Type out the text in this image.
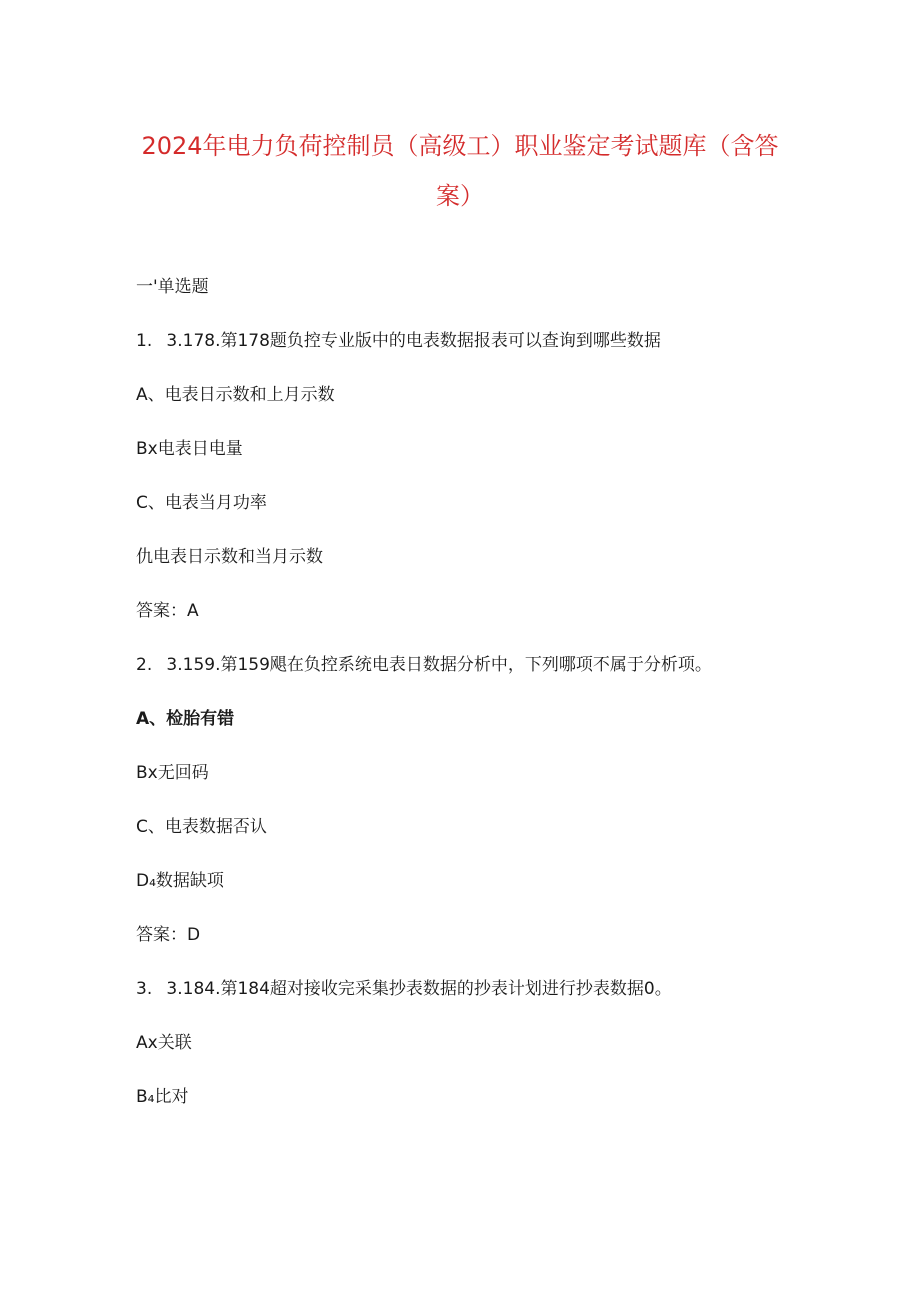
2024年电力负荷控制员（高级工）职业鉴定考试题库（含答
案）
一'单选题
1. 3.178.第178题负控专业版中的电表数据报表可以查询到哪些数据
A、电表日示数和上月示数
Bx电表日电量
C、电表当月功率
仇电表日示数和当月示数
答案：A
2. 3.159.第159飓在负控系统电表日数据分析中，下列哪项不属于分析项。
A、检胎有错
Bx无回码
C、电表数据否认
D₄数据缺项
答案：D
3. 3.184.第184超对接收完采集抄表数据的抄表计划进行抄表数据0。
Ax关联
B₄比对
